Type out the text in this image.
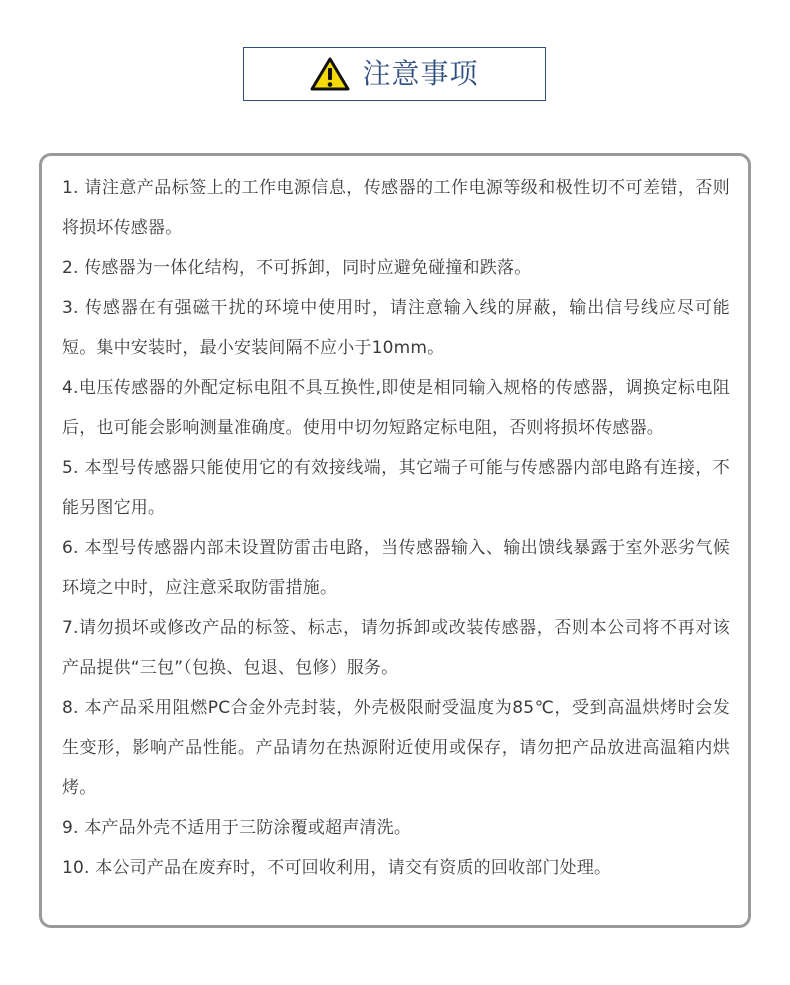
注意事项
1. 请注意产品标签上的工作电源信息，传感器的工作电源等级和极性切不可差错，否则将损坏传感器。
2. 传感器为一体化结构，不可拆卸，同时应避免碰撞和跌落。
3. 传感器在有强磁干扰的环境中使用时，请注意输入线的屏蔽，输出信号线应尽可能短。集中安装时，最小安装间隔不应小于10mm。
4.电压传感器的外配定标电阻不具互换性,即使是相同输入规格的传感器，调换定标电阻后，也可能会影响测量准确度。使用中切勿短路定标电阻，否则将损坏传感器。
5. 本型号传感器只能使用它的有效接线端，其它端子可能与传感器内部电路有连接，不能另图它用。
6. 本型号传感器内部未设置防雷击电路，当传感器输入、输出馈线暴露于室外恶劣气候环境之中时，应注意采取防雷措施。
7.请勿损坏或修改产品的标签、标志，请勿拆卸或改装传感器，否则本公司将不再对该产品提供“三包”（包换、包退、包修）服务。
8. 本产品采用阻燃PC合金外壳封装，外壳极限耐受温度为85℃，受到高温烘烤时会发生变形，影响产品性能。产品请勿在热源附近使用或保存，请勿把产品放进高温箱内烘烤。
9. 本产品外壳不适用于三防涂覆或超声清洗。
10. 本公司产品在废弃时，不可回收利用，请交有资质的回收部门处理。
